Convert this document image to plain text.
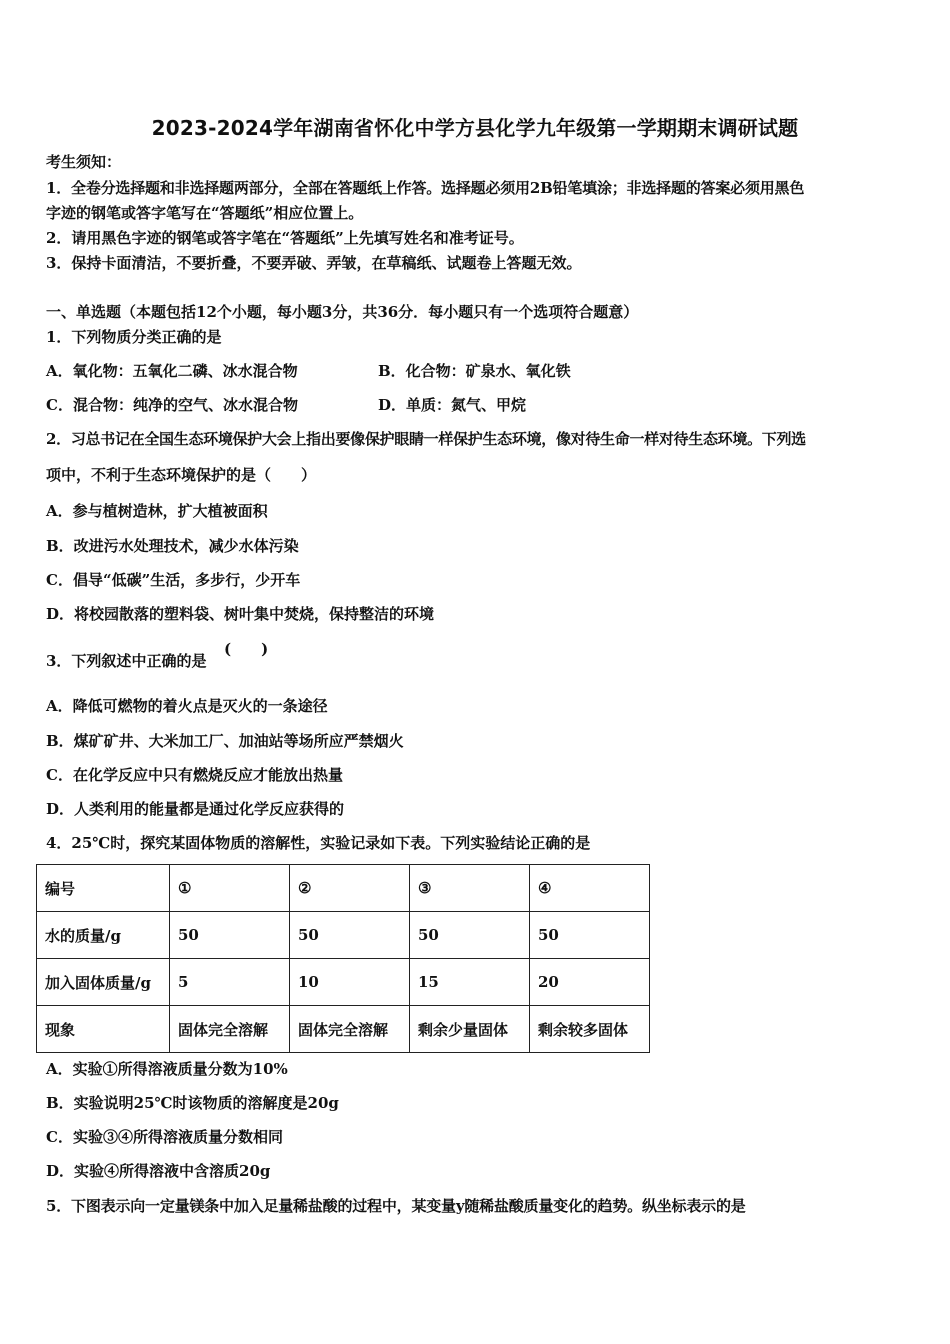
2023-2024学年湖南省怀化中学方县化学九年级第一学期期末调研试题
考生须知：
1．全卷分选择题和非选择题两部分，全部在答题纸上作答。选择题必须用2B铅笔填涂；非选择题的答案必须用黑色
字迹的钢笔或答字笔写在“答题纸”相应位置上。
2．请用黑色字迹的钢笔或答字笔在“答题纸”上先填写姓名和准考证号。
3．保持卡面清洁，不要折叠，不要弄破、弄皱，在草稿纸、试题卷上答题无效。
一、单选题（本题包括12个小题，每小题3分，共36分．每小题只有一个选项符合题意）
1．下列物质分类正确的是
A．氧化物：五氧化二磷、冰水混合物	B．化合物：矿泉水、氧化铁
C．混合物：纯净的空气、冰水混合物	D．单质：氮气、甲烷
2．习总书记在全国生态环境保护大会上指出要像保护眼睛一样保护生态环境，像对待生命一样对待生态环境。下列选
项中，不利于生态环境保护的是（　　）
A．参与植树造林，扩大植被面积
B．改进污水处理技术，减少水体污染
C．倡导“低碳”生活，多步行，少开车
D．将校园散落的塑料袋、树叶集中焚烧，保持整洁的环境
3．下列叙述中正确的是
(　　)
A．降低可燃物的着火点是灭火的一条途径
B．煤矿矿井、大米加工厂、加油站等场所应严禁烟火
C．在化学反应中只有燃烧反应才能放出热量
D．人类利用的能量都是通过化学反应获得的
4．25℃时，探究某固体物质的溶解性，实验记录如下表。下列实验结论正确的是
编号	①	②	③	④
水的质量/g	50	50	50	50
加入固体质量/g	5	10	15	20
现象	固体完全溶解	固体完全溶解	剩余少量固体	剩余较多固体
A．实验①所得溶液质量分数为10%
B．实验说明25℃时该物质的溶解度是20g
C．实验③④所得溶液质量分数相同
D．实验④所得溶液中含溶质20g
5．下图表示向一定量镁条中加入足量稀盐酸的过程中，某变量y随稀盐酸质量变化的趋势。纵坐标表示的是
